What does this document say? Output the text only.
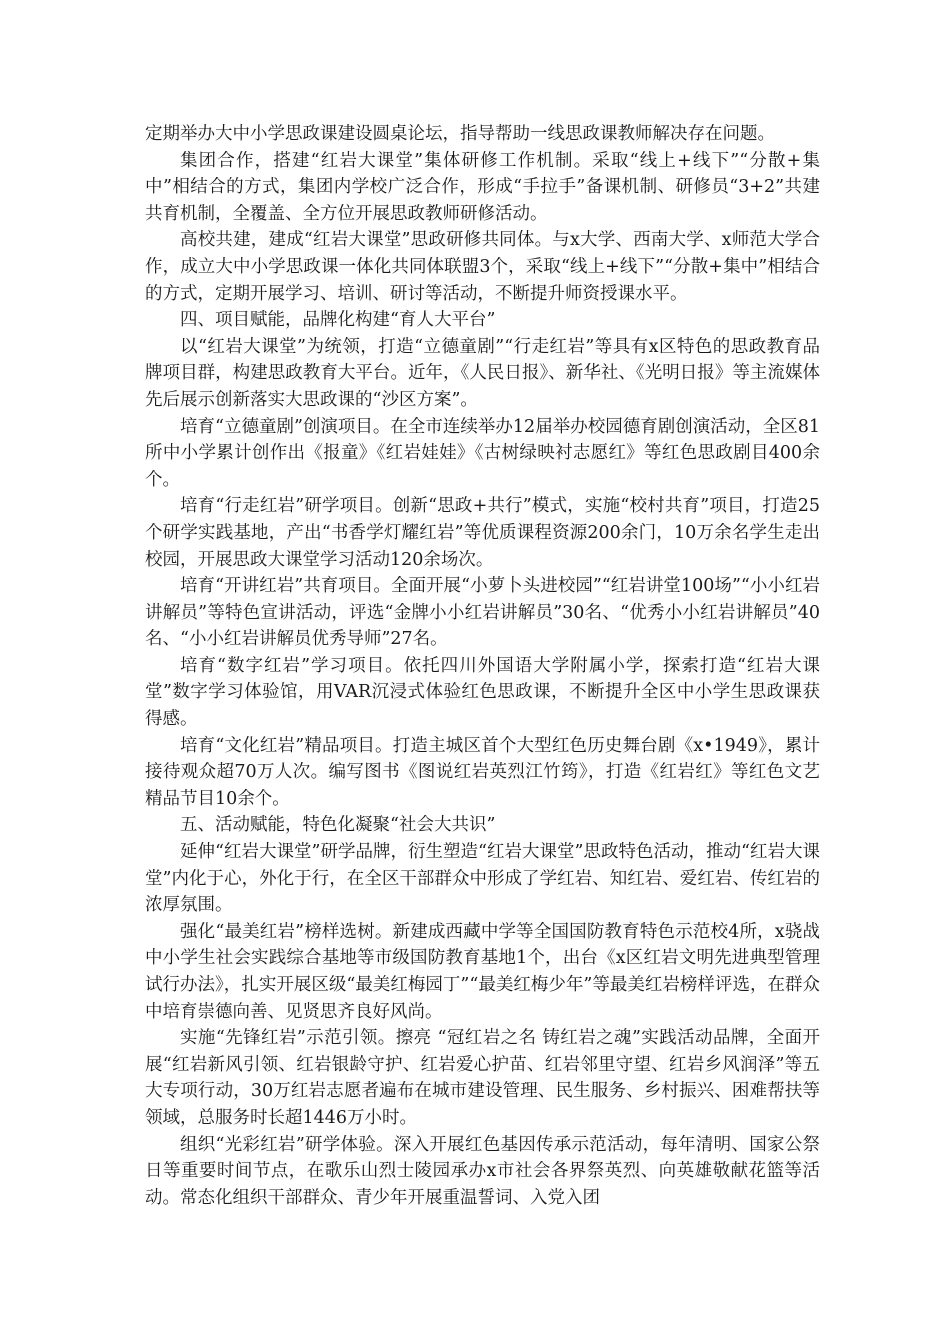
定期举办大中小学思政课建设圆桌论坛，指导帮助一线思政课教师解决存在问题。

集团合作，搭建“红岩大课堂”集体研修工作机制。采取“线上+线下”“分散+集中”相结合的方式，集团内学校广泛合作，形成“手拉手”备课机制、研修员“3+2”共建共育机制，全覆盖、全方位开展思政教师研修活动。

高校共建，建成“红岩大课堂”思政研修共同体。与x大学、西南大学、x师范大学合作，成立大中小学思政课一体化共同体联盟3个，采取“线上+线下”“分散+集中”相结合的方式，定期开展学习、培训、研讨等活动，不断提升师资授课水平。

四、项目赋能，品牌化构建“育人大平台”

以“红岩大课堂”为统领，打造“立德童剧”“行走红岩”等具有x区特色的思政教育品牌项目群，构建思政教育大平台。近年，《人民日报》、新华社、《光明日报》等主流媒体先后展示创新落实大思政课的“沙区方案”。

培育“立德童剧”创演项目。在全市连续举办12届举办校园德育剧创演活动，全区81所中小学累计创作出《报童》《红岩娃娃》《古树绿映衬志愿红》等红色思政剧目400余个。

培育“行走红岩”研学项目。创新“思政+共行”模式，实施“校村共育”项目，打造25个研学实践基地，产出“书香学灯耀红岩”等优质课程资源200余门，10万余名学生走出校园，开展思政大课堂学习活动120余场次。

培育“开讲红岩”共育项目。全面开展“小萝卜头进校园”“红岩讲堂100场”“小小红岩讲解员”等特色宣讲活动，评选“金牌小小红岩讲解员”30名、“优秀小小红岩讲解员”40名、“小小红岩讲解员优秀导师”27名。

培育“数字红岩”学习项目。依托四川外国语大学附属小学，探索打造“红岩大课堂”数字学习体验馆，用VAR沉浸式体验红色思政课，不断提升全区中小学生思政课获得感。

培育“文化红岩”精品项目。打造主城区首个大型红色历史舞台剧《x•1949》，累计接待观众超70万人次。编写图书《图说红岩英烈江竹筠》，打造《红岩红》等红色文艺精品节目10余个。

五、活动赋能，特色化凝聚“社会大共识”

延伸“红岩大课堂”研学品牌，衍生塑造“红岩大课堂”思政特色活动，推动“红岩大课堂”内化于心，外化于行，在全区干部群众中形成了学红岩、知红岩、爱红岩、传红岩的浓厚氛围。

强化“最美红岩”榜样选树。新建成西藏中学等全国国防教育特色示范校4所，x骁战中小学生社会实践综合基地等市级国防教育基地1个，出台《x区红岩文明先进典型管理试行办法》，扎实开展区级“最美红梅园丁”“最美红梅少年”等最美红岩榜样评选，在群众中培育崇德向善、见贤思齐良好风尚。

实施“先锋红岩”示范引领。擦亮 “冠红岩之名 铸红岩之魂”实践活动品牌，全面开展“红岩新风引领、红岩银龄守护、红岩爱心护苗、红岩邻里守望、红岩乡风润泽”等五大专项行动，30万红岩志愿者遍布在城市建设管理、民生服务、乡村振兴、困难帮扶等领域，总服务时长超1446万小时。

组织“光彩红岩”研学体验。深入开展红色基因传承示范活动，每年清明、国家公祭日等重要时间节点，在歌乐山烈士陵园承办x市社会各界祭英烈、向英雄敬献花篮等活动。常态化组织干部群众、青少年开展重温誓词、入党入团
